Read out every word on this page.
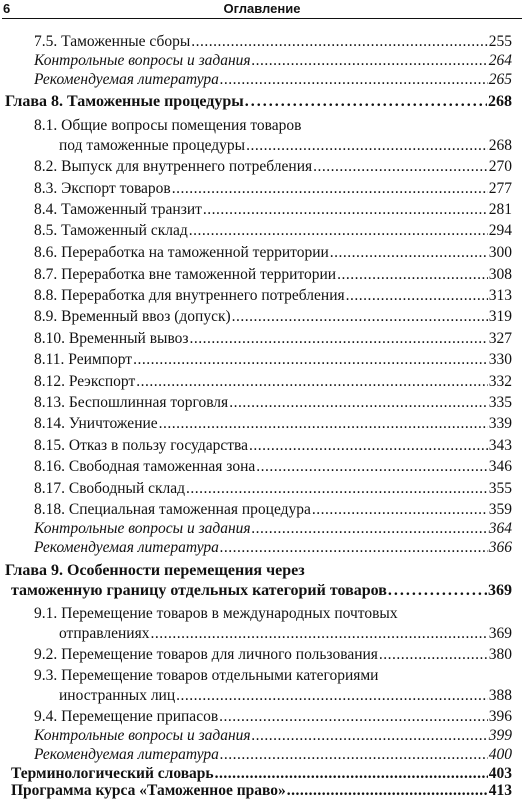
6	Оглавление
7.5. Таможенные сборы .....	255
Контрольные вопросы и задания .....	264
Рекомендуемая литература .....	265
Глава 8. Таможенные процедуры .....	268
8.1. Общие вопросы помещения товаров
под таможенные процедуры .....	268
8.2. Выпуск для внутреннего потребления .....	270
8.3. Экспорт товаров .....	277
8.4. Таможенный транзит .....	281
8.5. Таможенный склад .....	294
8.6. Переработка на таможенной территории .....	300
8.7. Переработка вне таможенной территории .....	308
8.8. Переработка для внутреннего потребления .....	313
8.9. Временный ввоз (допуск) .....	319
8.10. Временный вывоз .....	327
8.11. Реимпорт .....	330
8.12. Реэкспорт .....	332
8.13. Беспошлинная торговля .....	335
8.14. Уничтожение .....	339
8.15. Отказ в пользу государства .....	343
8.16. Свободная таможенная зона .....	346
8.17. Свободный склад .....	355
8.18. Специальная таможенная процедура .....	359
Контрольные вопросы и задания .....	364
Рекомендуемая литература .....	366
Глава 9. Особенности перемещения через
таможенную границу отдельных категорий товаров .....	369
9.1. Перемещение товаров в международных почтовых
отправлениях .....	369
9.2. Перемещение товаров для личного пользования .....	380
9.3. Перемещение товаров отдельными категориями
иностранных лиц .....	388
9.4. Перемещение припасов .....	396
Контрольные вопросы и задания .....	399
Рекомендуемая литература .....	400
Терминологический словарь .....	403
Программа курса «Таможенное право» .....	413
